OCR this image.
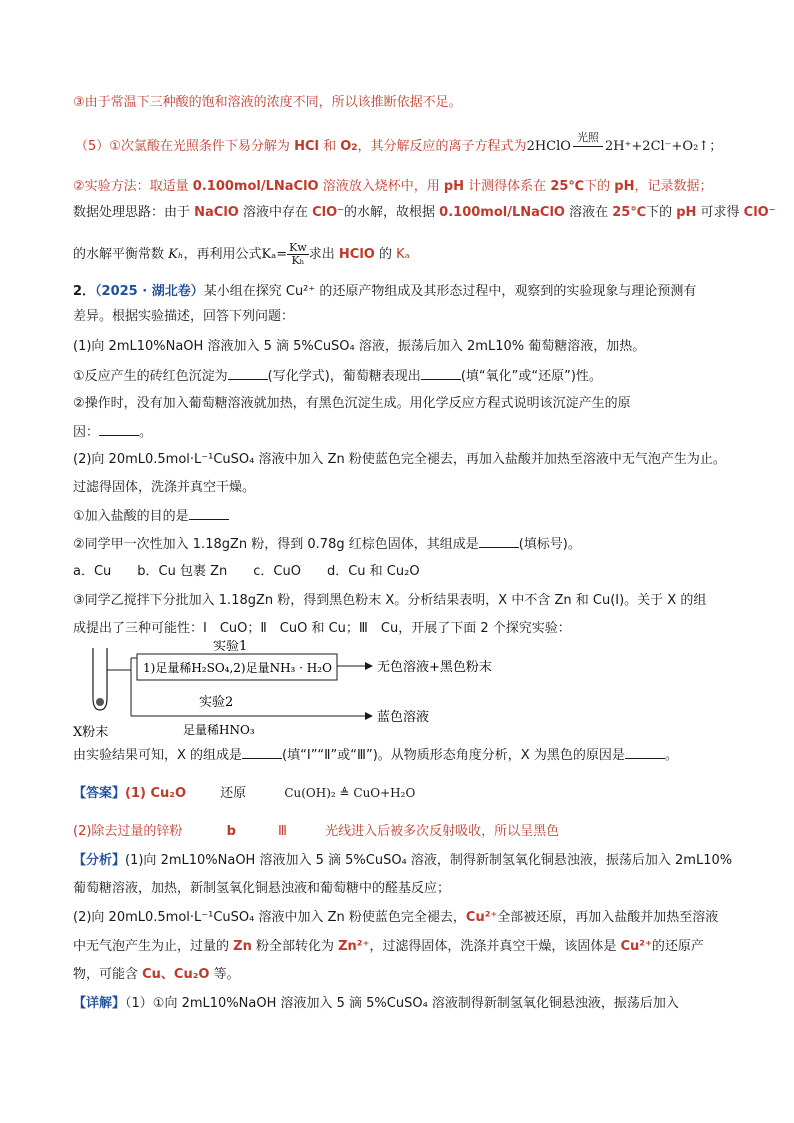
③由于常温下三种酸的饱和溶液的浓度不同，所以该推断依据不足。
（5）①次氯酸在光照条件下易分解为 HCl 和 O2，其分解反应的离子方程式为2HClO
光照
2H⁺+2Cl⁻+O₂↑；
②实验方法：取适量 0.100mol/LNaClO 溶液放入烧杯中，用 pH 计测得体系在 25℃下的 pH，记录数据；
数据处理思路：由于 NaClO 溶液中存在 ClO⁻的水解，故根据 0.100mol/LNaClO 溶液在 25℃下的 pH 可求得 ClO⁻
的水解平衡常数 Kₕ，再利用公式$K_a= \frac{Kw}{\text{Kₕ}}$ 求出 HClO 的 Kₐ
2．（2025 · 湖北卷）某小组在探究 Cu²⁺ 的还原产物组成及其形态过程中，观察到的实验现象与理论预测有
差异。根据实验描述，回答下列问题：
(1)向 2mL10%NaOH 溶液加入 5 滴 5%CuSO₄ 溶液，振荡后加入 2mL10% 葡萄糖溶液，加热。
①反应产生的砖红色沉淀为	(写化学式)，葡萄糖表现出	(填“氧化”或“还原”)性。
②操作时，没有加入葡萄糖溶液就加热，有黑色沉淀生成。用化学反应方程式说明该沉淀产生的原
因：	。
(2)向 20mL0.5mol·L⁻¹CuSO₄ 溶液中加入 Zn 粉使蓝色完全褪去，再加入盐酸并加热至溶液中无气泡产生为止。
过滤得固体，洗涤并真空干燥。
①加入盐酸的目的是
②同学甲一次性加入 1.18gZn 粉，得到 0.78g 红棕色固体，其组成是	(填标号)。
a．Cu　　b．Cu 包裹 Zn　　c．CuO　　d．Cu 和 Cu₂O
③同学乙搅拌下分批加入 1.18gZn 粉，得到黑色粉末 X。分析结果表明，X 中不含 Zn 和 Cu(Ⅰ)。关于 X 的组
成提出了三种可能性：Ⅰ　CuO；Ⅱ　CuO 和 Cu；Ⅲ　Cu，开展了下面 2 个探究实验：
实验1
1)足量稀H₂SO₄,2)足量NH₃ · H₂O	无色溶液+黑色粉末
实验2
足量稀HNO₃
蓝色溶液
X粉末
由实验结果可知，X 的组成是	(填“Ⅰ”“Ⅱ”或“Ⅲ”)。从物质形态角度分析，X 为黑色的原因是	。
【答案】(1) Cu₂O	还原	Cu(OH)₂ ≜ CuO+H₂O
(2)除去过量的锌粉	b	Ⅲ	光线进入后被多次反射吸收，所以呈黑色
【分析】(1)向 2mL10%NaOH 溶液加入 5 滴 5%CuSO₄ 溶液，制得新制氢氧化铜悬浊液，振荡后加入 2mL10%
葡萄糖溶液，加热，新制氢氧化铜悬浊液和葡萄糖中的醛基反应；
(2)向 20mL0.5mol·L⁻¹CuSO₄ 溶液中加入 Zn 粉使蓝色完全褪去，Cu²⁺全部被还原，再加入盐酸并加热至溶液
中无气泡产生为止，过量的 Zn 粉全部转化为 Zn²⁺，过滤得固体，洗涤并真空干燥，该固体是 Cu²⁺的还原产
物，可能含 Cu、Cu₂O 等。
【详解】（1）①向 2mL10%NaOH 溶液加入 5 滴 5%CuSO₄ 溶液制得新制氢氧化铜悬浊液，振荡后加入
